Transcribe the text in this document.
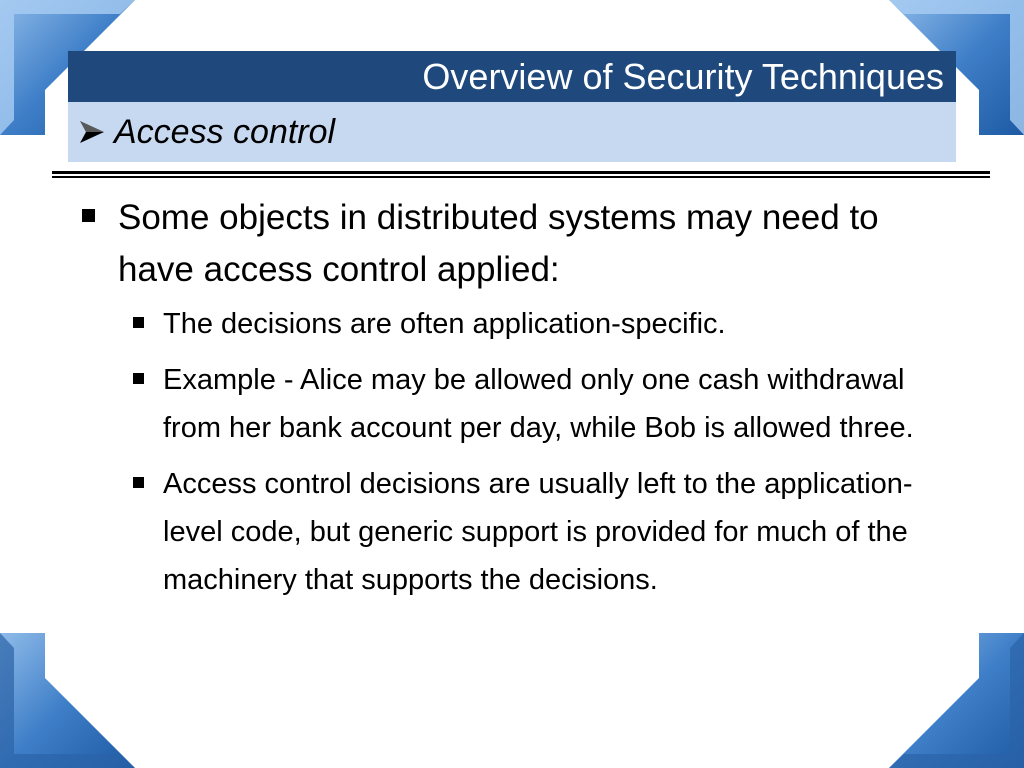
Overview of Security Techniques
Access control
Some objects in distributed systems may need to have access control applied:
The decisions are often application-specific.
Example - Alice may be allowed only one cash withdrawal from her bank account per day, while Bob is allowed three.
Access control decisions are usually left to the application-level code, but generic support is provided for much of the machinery that supports the decisions.
